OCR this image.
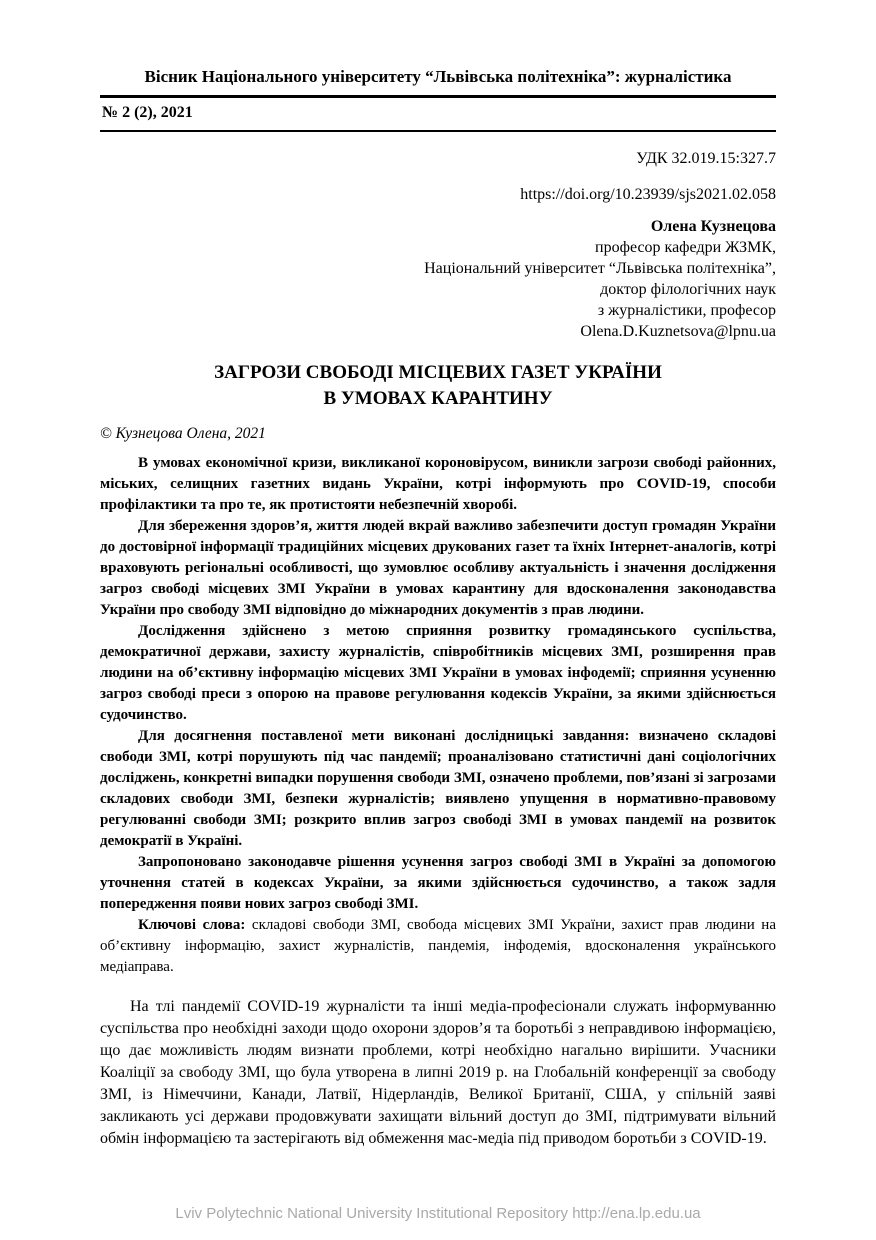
Вісник Національного університету “Львівська політехніка”: журналістика
№ 2 (2), 2021

УДК 32.019.15:327.7

https://doi.org/10.23939/sjs2021.02.058

Олена Кузнецова
професор кафедри ЖЗМК,
Національний університет “Львівська політехніка”,
доктор філологічних наук
з журналістики, професор
Olena.D.Kuznetsova@lpnu.ua
ЗАГРОЗИ СВОБОДІ МІСЦЕВИХ ГАЗЕТ УКРАЇНИ
В УМОВАХ КАРАНТИНУ

© Кузнецова Олена, 2021

В умовах економічної кризи, викликаної короновірусом, виникли загрози свободі районних, міських, селищних газетних видань України, котрі інформують про COVID-19, способи профілактики та про те, як протистояти небезпечній хворобі.

Для збереження здоров’я, життя людей вкрай важливо забезпечити доступ громадян України до достовірної інформації традиційних місцевих друкованих газет та їхніх Інтернет-аналогів, котрі враховують регіональні особливості, що зумовлює особливу актуальність і значення дослідження загроз свободі місцевих ЗМІ України в умовах карантину для вдосконалення законодавства України про свободу ЗМІ відповідно до міжнародних документів з прав людини.

Дослідження здійснено з метою сприяння розвитку громадянського суспільства, демократичної держави, захисту журналістів, співробітників місцевих ЗМІ, розширення прав людини на об’єктивну інформацію місцевих ЗМІ України в умовах інфодемії; сприяння усуненню загроз свободі преси з опорою на правове регулювання кодексів України, за якими здійснюється судочинство.

Для досягнення поставленої мети виконані дослідницькі завдання: визначено складові свободи ЗМІ, котрі порушують під час пандемії; проаналізовано статистичні дані соціологічних досліджень, конкретні випадки порушення свободи ЗМІ, означено проблеми, пов’язані зі загрозами складових свободи ЗМІ, безпеки журналістів; виявлено упущення в нормативно-правовому регулюванні свободи ЗМІ; розкрито вплив загроз свободі ЗМІ в умовах пандемії на розвиток демократії в Україні.

Запропоновано законодавче рішення усунення загроз свободі ЗМІ в Україні за допомогою уточнення статей в кодексах України, за якими здійснюється судочинство, а також задля попередження появи нових загроз свободі ЗМІ.

Ключові слова: складові свободи ЗМІ, свобода місцевих ЗМІ України, захист прав людини на об’єктивну інформацію, захист журналістів, пандемія, інфодемія, вдосконалення українського медіаправа.

На тлі пандемії COVID-19 журналісти та інші медіа-професіонали служать інформуванню суспільства про необхідні заходи щодо охорони здоров’я та боротьбі з неправдивою інформацією, що дає можливість людям визнати проблеми, котрі необхідно нагально вирішити. Учасники Коаліції за свободу ЗМІ, що була утворена в липні 2019 р. на Глобальній конференції за свободу ЗМІ, із Німеччини, Канади, Латвії, Нідерландів, Великої Британії, США, у спільній заяві закликають усі держави продовжувати захищати вільний доступ до ЗМІ, підтримувати вільний обмін інформацією та застерігають від обмеження мас-медіа під приводом боротьби з COVID-19.

Lviv Polytechnic National University Institutional Repository http://ena.lp.edu.ua
